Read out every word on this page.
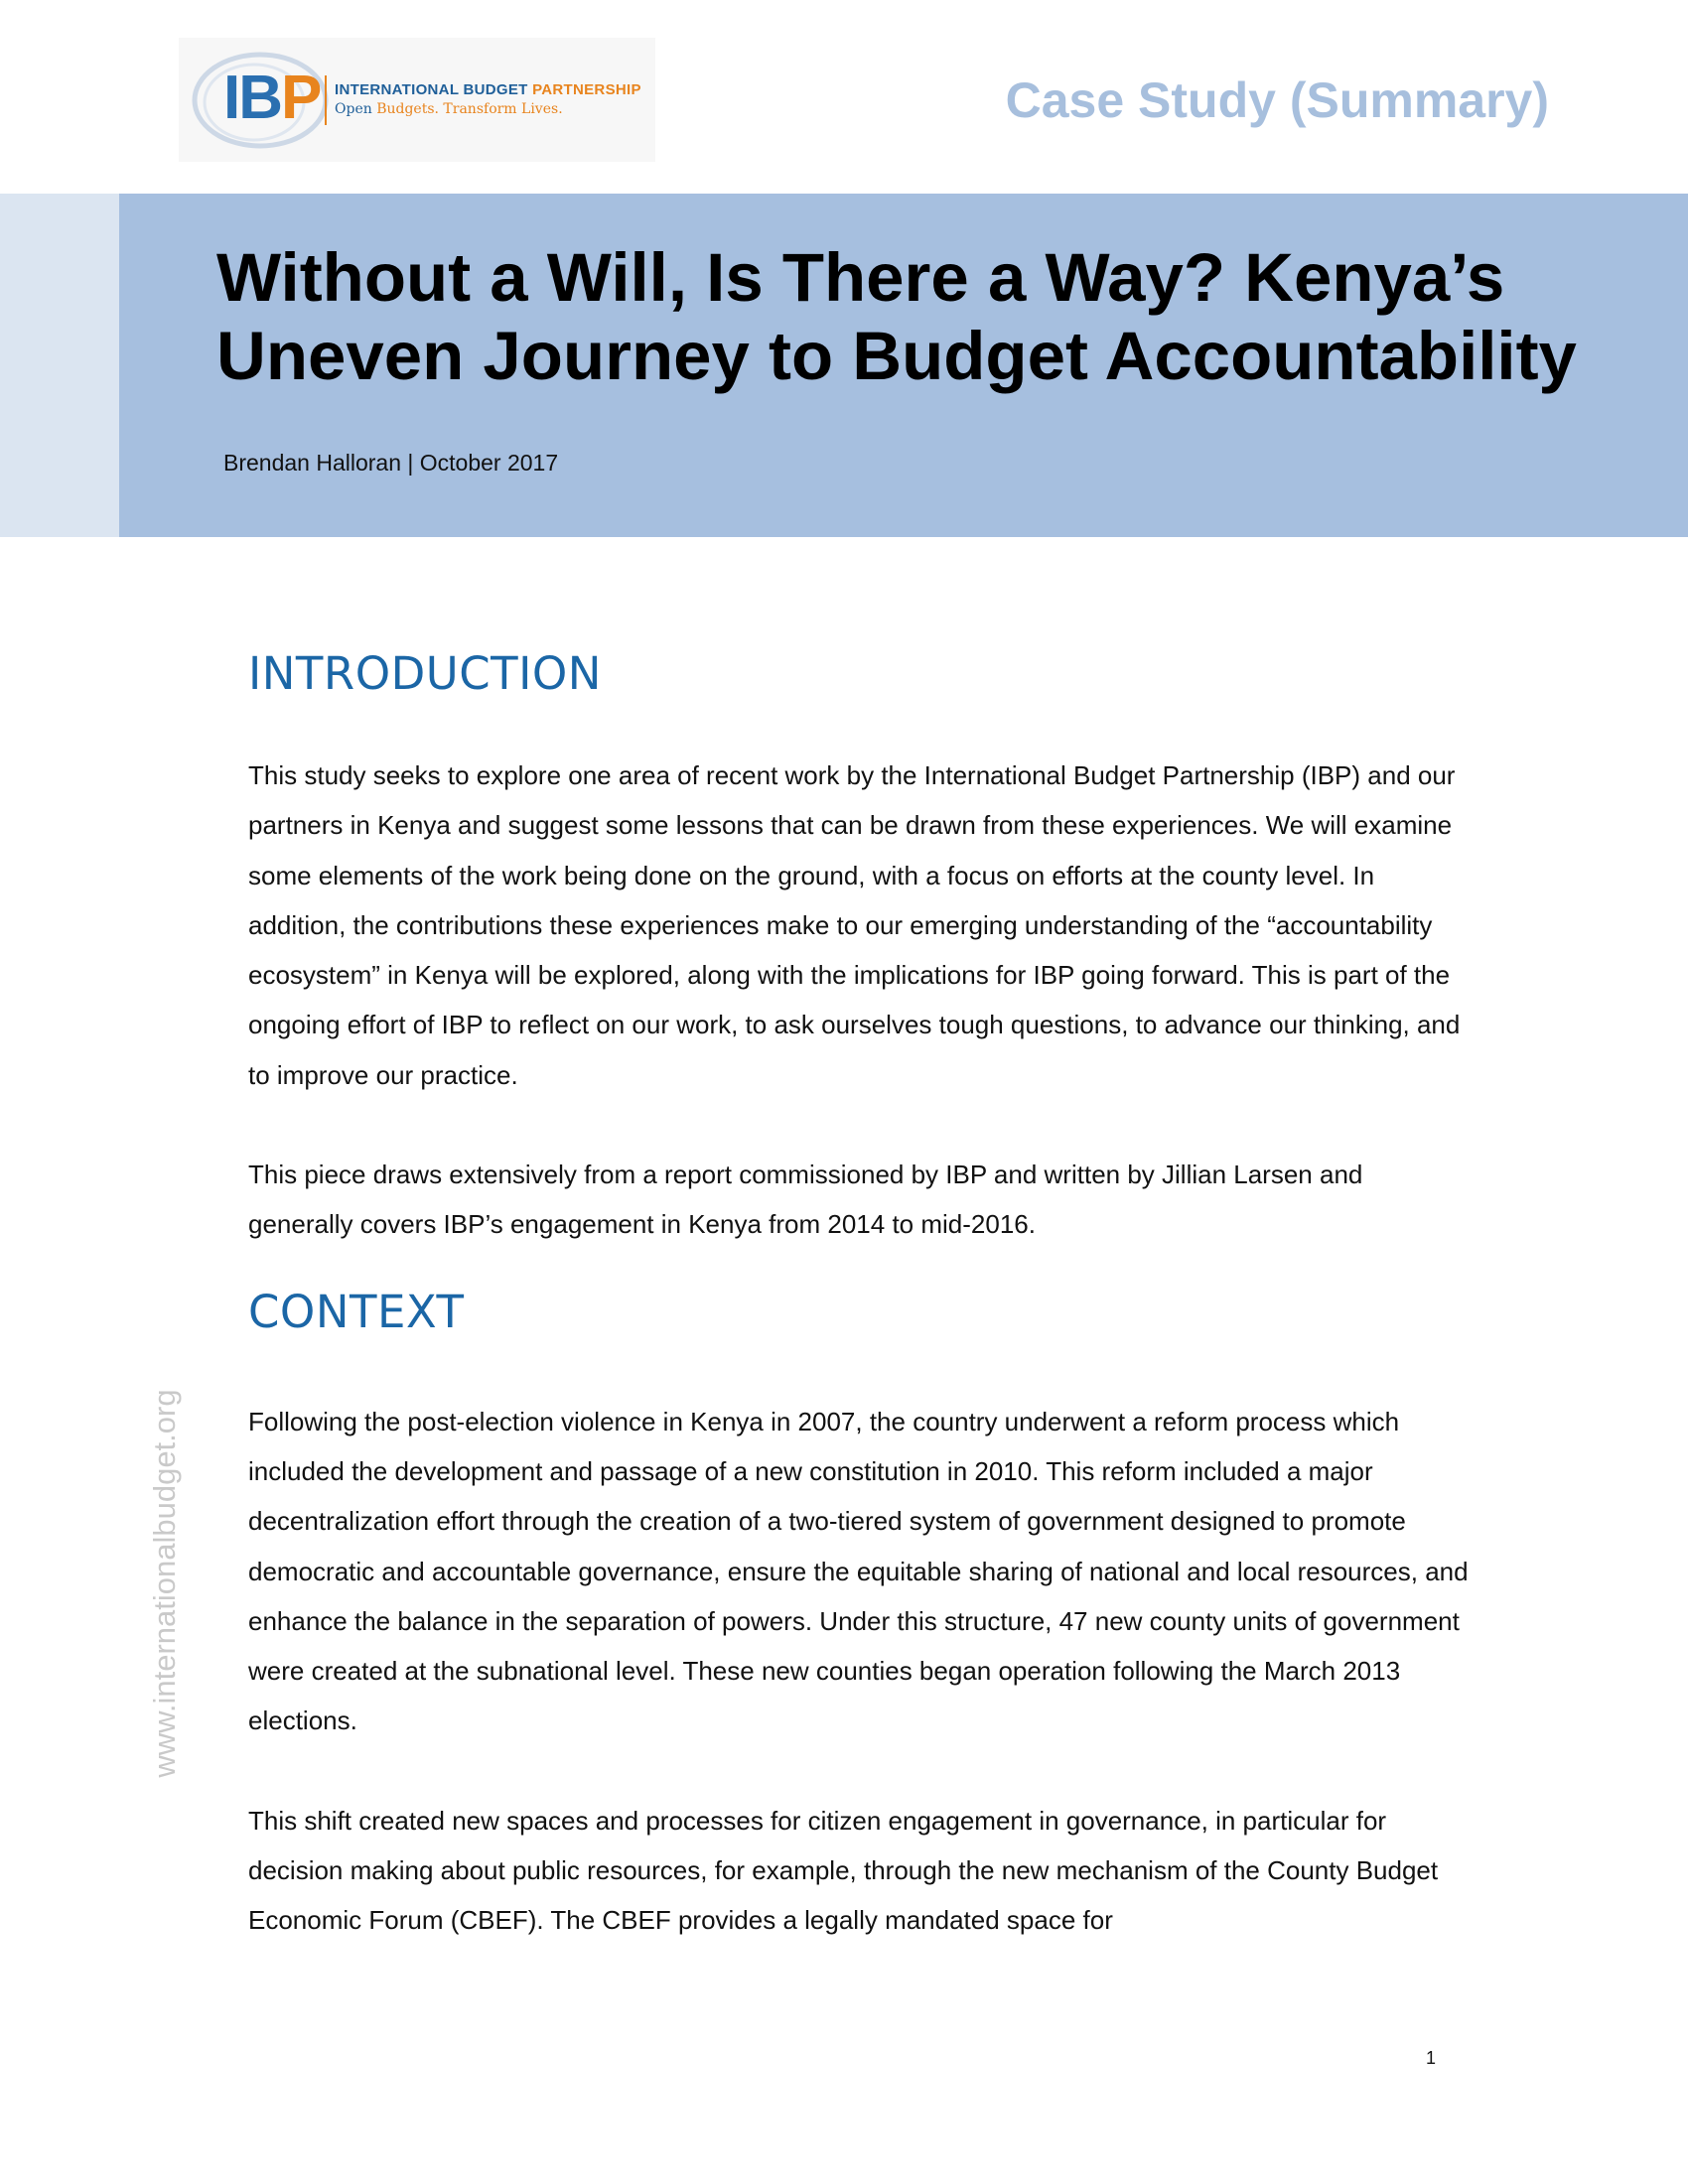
IBP INTERNATIONAL BUDGET PARTNERSHIP
Open Budgets. Transform Lives.	Case Study (Summary)
Without a Will, Is There a Way? Kenya’s Uneven Journey to Budget Accountability
Brendan Halloran | October 2017
www.internationalbudget.org
INTRODUCTION

This study seeks to explore one area of recent work by the International Budget Partnership (IBP) and our partners in Kenya and suggest some lessons that can be drawn from these experiences. We will examine some elements of the work being done on the ground, with a focus on efforts at the county level. In addition, the contributions these experiences make to our emerging understanding of the “accountability ecosystem” in Kenya will be explored, along with the implications for IBP going forward. This is part of the ongoing effort of IBP to reflect on our work, to ask ourselves tough questions, to advance our thinking, and to improve our practice.

This piece draws extensively from a report commissioned by IBP and written by Jillian Larsen and generally covers IBP’s engagement in Kenya from 2014 to mid-2016.

CONTEXT

Following the post-election violence in Kenya in 2007, the country underwent a reform process which included the development and passage of a new constitution in 2010. This reform included a major decentralization effort through the creation of a two-tiered system of government designed to promote democratic and accountable governance, ensure the equitable sharing of national and local resources, and enhance the balance in the separation of powers. Under this structure, 47 new county units of government were created at the subnational level. These new counties began operation following the March 2013 elections.

This shift created new spaces and processes for citizen engagement in governance, in particular for decision making about public resources, for example, through the new mechanism of the County Budget Economic Forum (CBEF). The CBEF provides a legally mandated space for

1
